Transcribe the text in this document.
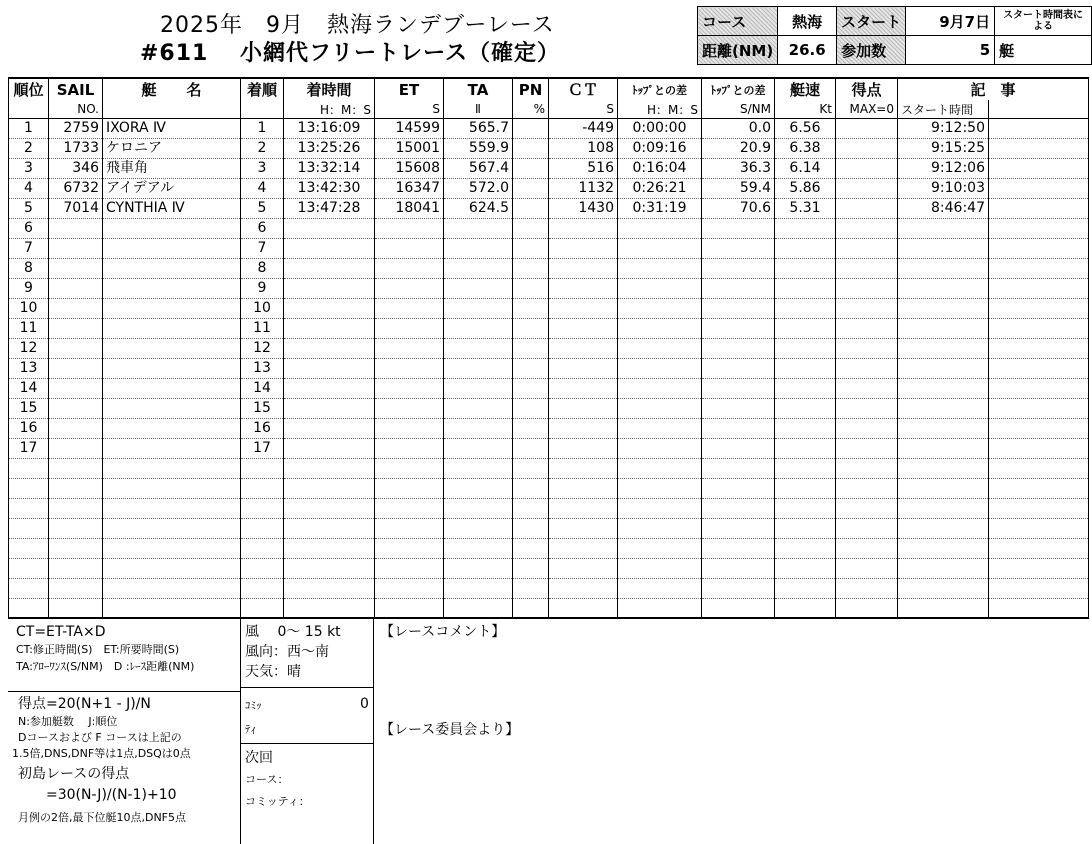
2025年　9月　熱海ランデブーレース
#611　 小網代フリートレース（確定）
コース	熱海	スタート	9月7日	スタート時間表による
距離(NM)	26.6	参加数	5	艇
順位	SAIL	艇　　名	着順	着時間	ET	TA	PN	ＣＴ	ﾄｯﾌﾟとの差	ﾄｯﾌﾟとの差	艇速	得点	記　事	
	NO.			H：M：S	S	Ⅱ	%	S	H：M：S	S/NM	Kt	MAX=0	スタート時間	
1	2759	IXORA Ⅳ	1	13:16:09	14599	565.7		-449	0:00:00	0.0	6.56		9:12:50	
2	1733	ケロニア	2	13:25:26	15001	559.9		108	0:09:16	20.9	6.38		9:15:25	
3	346	飛車角	3	13:32:14	15608	567.4		516	0:16:04	36.3	6.14		9:12:06	
4	6732	アイデアル	4	13:42:30	16347	572.0		1132	0:26:21	59.4	5.86		9:10:03	
5	7014	CYNTHIA Ⅳ	5	13:47:28	18041	624.5		1430	0:31:19	70.6	5.31		8:46:47	
6			6											
7			7											
8			8											
9			9											
10			10											
11			11											
12			12											
13			13											
14			14											
15			15											
16			16											
17			17											

CT=ET-TA×D
CT:修正時間(S)　ET:所要時間(S)
TA:ｱﾛｰﾜﾝｽ(S/NM)　D :ﾚｰｽ距離(NM)
得点=20(N+1 - J)/N
N:参加艇数　 J:順位
Dコースおよび F コースは上記の
1.5倍,DNS,DNF等は1点,DSQは0点
初島レースの得点
=30(N-J)/(N-1)+10
月例の2倍,最下位艇10点,DNF5点
風　 0～ 15 kt
風向：西～南
天気：晴
ｺﾐｯ	0
ﾃｨ
次回
コース：
コミッティ：
【レースコメント】
【レース委員会より】
